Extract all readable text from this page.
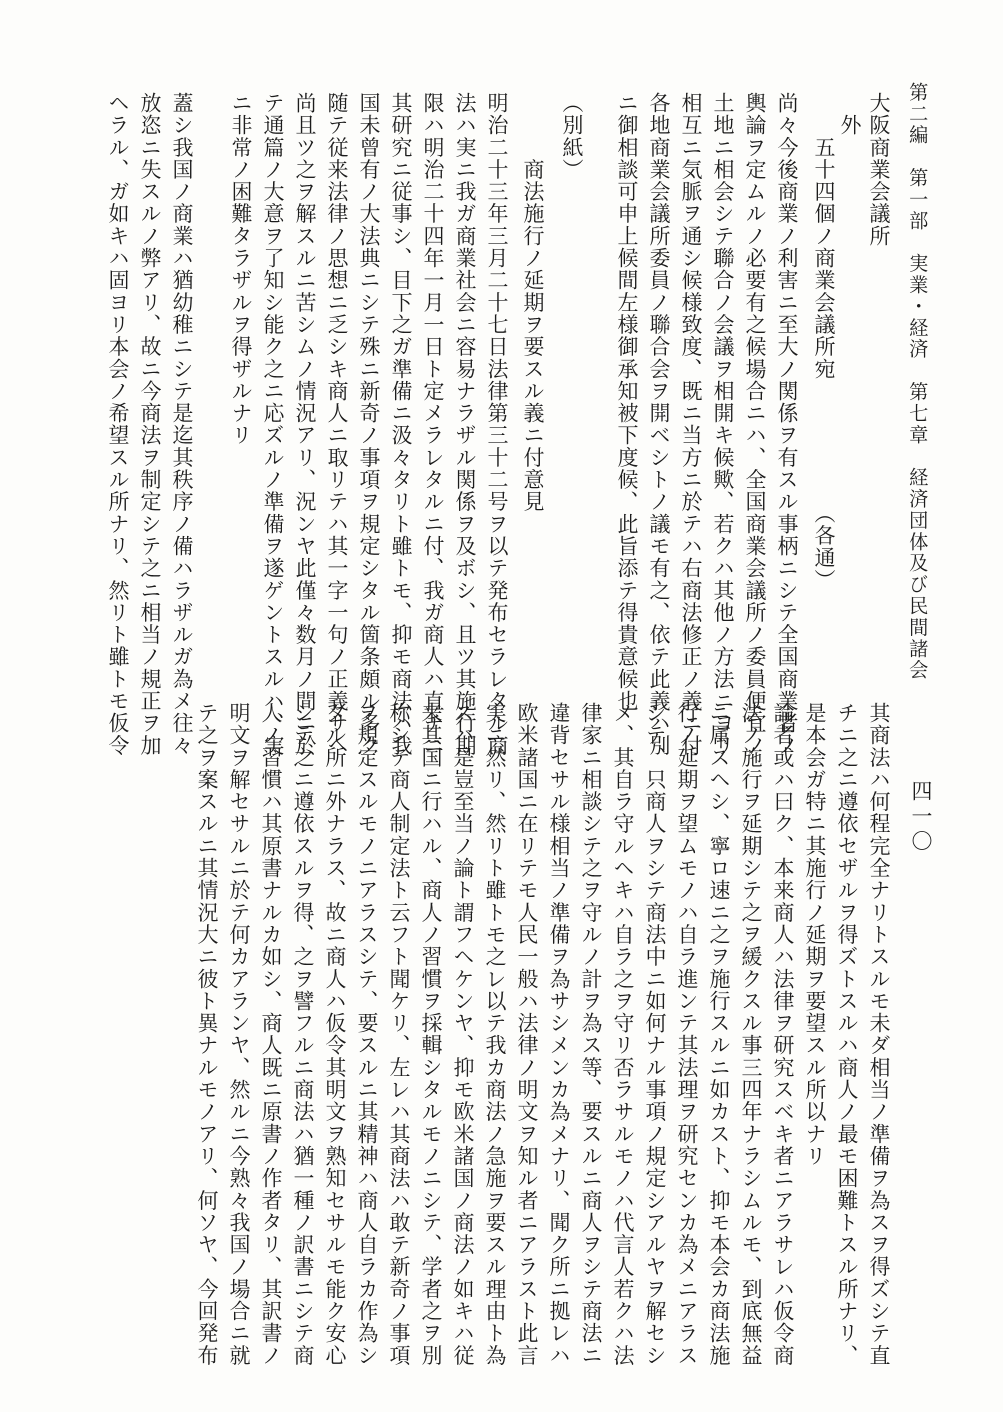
第二編　第一部　実業・経済　第七章　経済団体及び民間諸会
四一〇
大阪商業会議所
　外
　　五十四個ノ商業会議所宛　　　　　　（各通）
尚々今後商業ノ利害ニ至大ノ関係ヲ有スル事柄ニシテ全国商業者ノ
輿論ヲ定ムルノ必要有之候場合ニハ、全国商業会議所ノ委員便宜ノ
土地ニ相会シテ聯合ノ会議ヲ相開キ候歟、若クハ其他ノ方法ニヨリ
相互ニ気脈ヲ通シ候様致度、既ニ当方ニ於テハ右商法修正ノ義ニ付
各地商業会議所委員ノ聯合会ヲ開ベシトノ議モ有之、依テ此義ハ別
ニ御相談可申上候間左様御承知被下度候、此旨添テ得貴意候也
（別紙）
　　　商法施行ノ延期ヲ要スル義ニ付意見
明治二十三年三月二十七日法律第三十二号ヲ以テ発布セラレタル商
法ハ実ニ我ガ商業社会ニ容易ナラザル関係ヲ及ボシ、且ツ其施行期
限ハ明治二十四年一月一日ト定メラレタルニ付、我ガ商人ハ直チニ
其研究ニ従事シ、目下之ガ準備ニ汲々タリト雖トモ、抑モ商法ハ我
国未曾有ノ大法典ニシテ殊ニ新奇ノ事項ヲ規定シタル箇条頗ル多ク
随テ従来法律ノ思想ニ乏シキ商人ニ取リテハ其一字一句ノ正義サヘ
尚且ツ之ヲ解スルニ苦シムノ情況アリ、況ンヤ此僅々数月ノ間ニ於
テ通篇ノ大意ヲ了知シ能ク之ニ応ズルノ準備ヲ遂ゲントスルハ、実
ニ非常ノ困難タラザルヲ得ザルナリ
蓋シ我国ノ商業ハ猶幼稚ニシテ是迄其秩序ノ備ハラザルガ為メ往々
放恣ニ失スルノ弊アリ、故ニ今商法ヲ制定シテ之ニ相当ノ規正ヲ加
ヘラル、ガ如キハ固ヨリ本会ノ希望スル所ナリ、然リト雖トモ仮令
其商法ハ何程完全ナリトスルモ未ダ相当ノ準備ヲ為スヲ得ズシテ直
チニ之ニ遵依セザルヲ得ズトスルハ商人ノ最モ困難トスル所ナリ、
是本会ガ特ニ其施行ノ延期ヲ要望スル所以ナリ
論者或ハ曰ク、本来商人ハ法律ヲ研究スベキ者ニアラサレハ仮令商
法ノ施行ヲ延期シテ之ヲ緩クスル事三四年ナラシムルモ、到底無益
ニ属スヘシ、寧ロ速ニ之ヲ施行スルニ如カスト、抑モ本会カ商法施
行ノ延期ヲ望ムモノハ自ラ進ンテ其法理ヲ研究センカ為メニアラス
シテ、只商人ヲシテ商法中ニ如何ナル事項ノ規定シアルヤヲ解セシ
メ、其自ラ守ルヘキハ自ラ之ヲ守リ否ラサルモノハ代言人若クハ法
律家ニ相談シテ之ヲ守ルノ計ヲ為ス等、要スルニ商人ヲシテ商法ニ
違背セサル様相当ノ準備ヲ為サシメンカ為メナリ、聞ク所ニ拠レハ
欧米諸国ニ在リテモ人民一般ハ法律ノ明文ヲ知ル者ニアラスト此言
実ニ然リ、然リト雖トモ之レ以テ我カ商法ノ急施ヲ要スル理由ト為
スハ是豈至当ノ論ト謂フヘケンヤ、抑モ欧米諸国ノ商法ノ如キハ従
来其国ニ行ハル、商人ノ習慣ヲ採輯シタルモノニシテ、学者之ヲ別
称シテ商人制定法ト云フト聞ケリ、左レハ其商法ハ敢テ新奇ノ事項
ヲ規定スルモノニアラスシテ、要スルニ其精神ハ商人自ラカ作為シ
タル所ニ外ナラス、故ニ商人ハ仮令其明文ヲ熟知セサルモ能ク安心
シテ之ニ遵依スルヲ得、之ヲ譬フルニ商法ハ猶一種ノ訳書ニシテ商
人ノ習慣ハ其原書ナルカ如シ、商人既ニ原書ノ作者タリ、其訳書ノ
明文ヲ解セサルニ於テ何カアランヤ、然ルニ今熟々我国ノ場合ニ就
テ之ヲ案スルニ其情況大ニ彼ト異ナルモノアリ、何ソヤ、今回発布
